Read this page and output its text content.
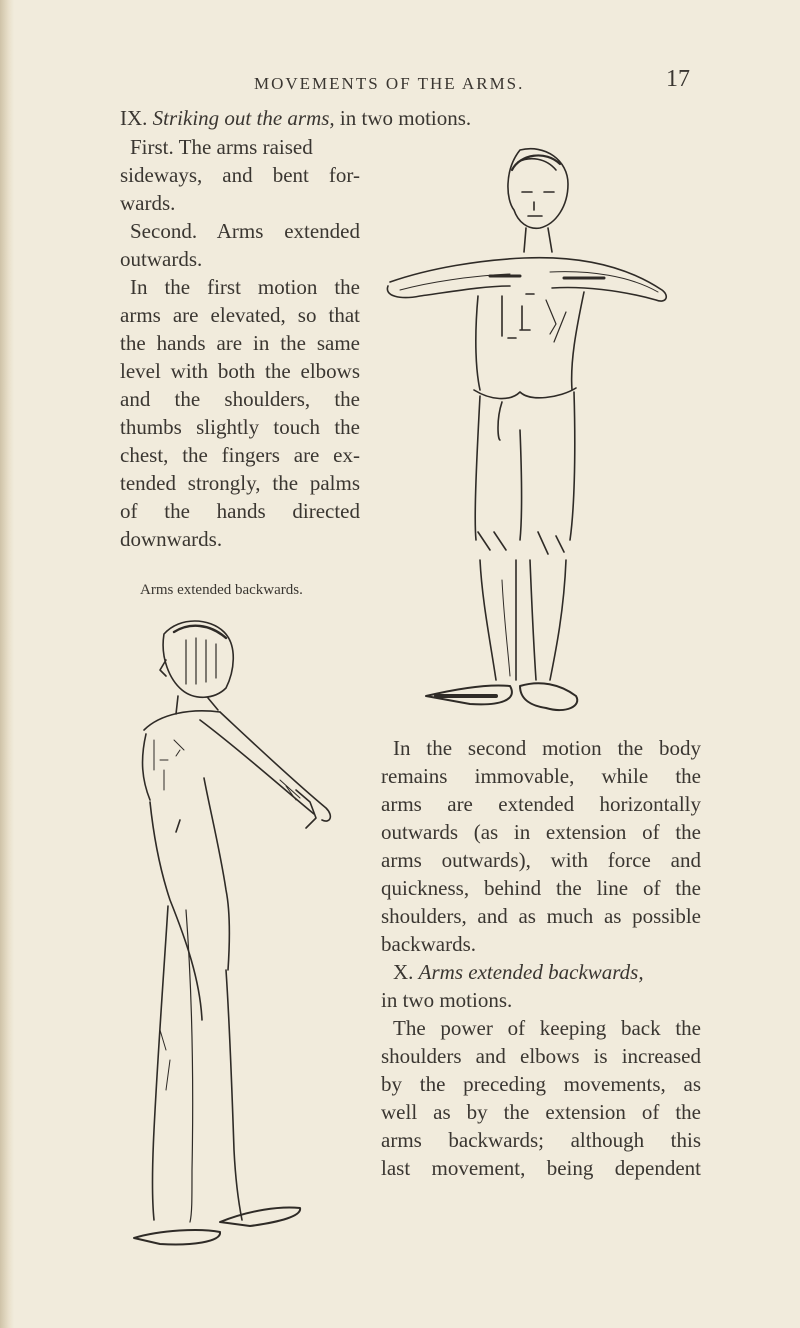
MOVEMENTS OF THE ARMS.	17
IX. Striking out the arms, in two motions.
First. The arms raised
sideways, and bent for-
wards.
Second. Arms extended
outwards.
In the first motion the
arms are elevated, so that
the hands are in the same
level with both the elbows
and the shoulders, the
thumbs slightly touch the
chest, the fingers are ex-
tended strongly, the palms
of the hands directed
downwards.
Arms extended backwards.
In the second motion the body
remains immovable, while the
arms are extended horizontally
outwards (as in extension of the
arms outwards), with force and
quickness, behind the line of the
shoulders, and as much as possible
backwards.
X. Arms extended backwards,
in two motions.
The power of keeping back the
shoulders and elbows is increased
by the preceding movements, as
well as by the extension of the
arms backwards; although this
last movement, being dependent
